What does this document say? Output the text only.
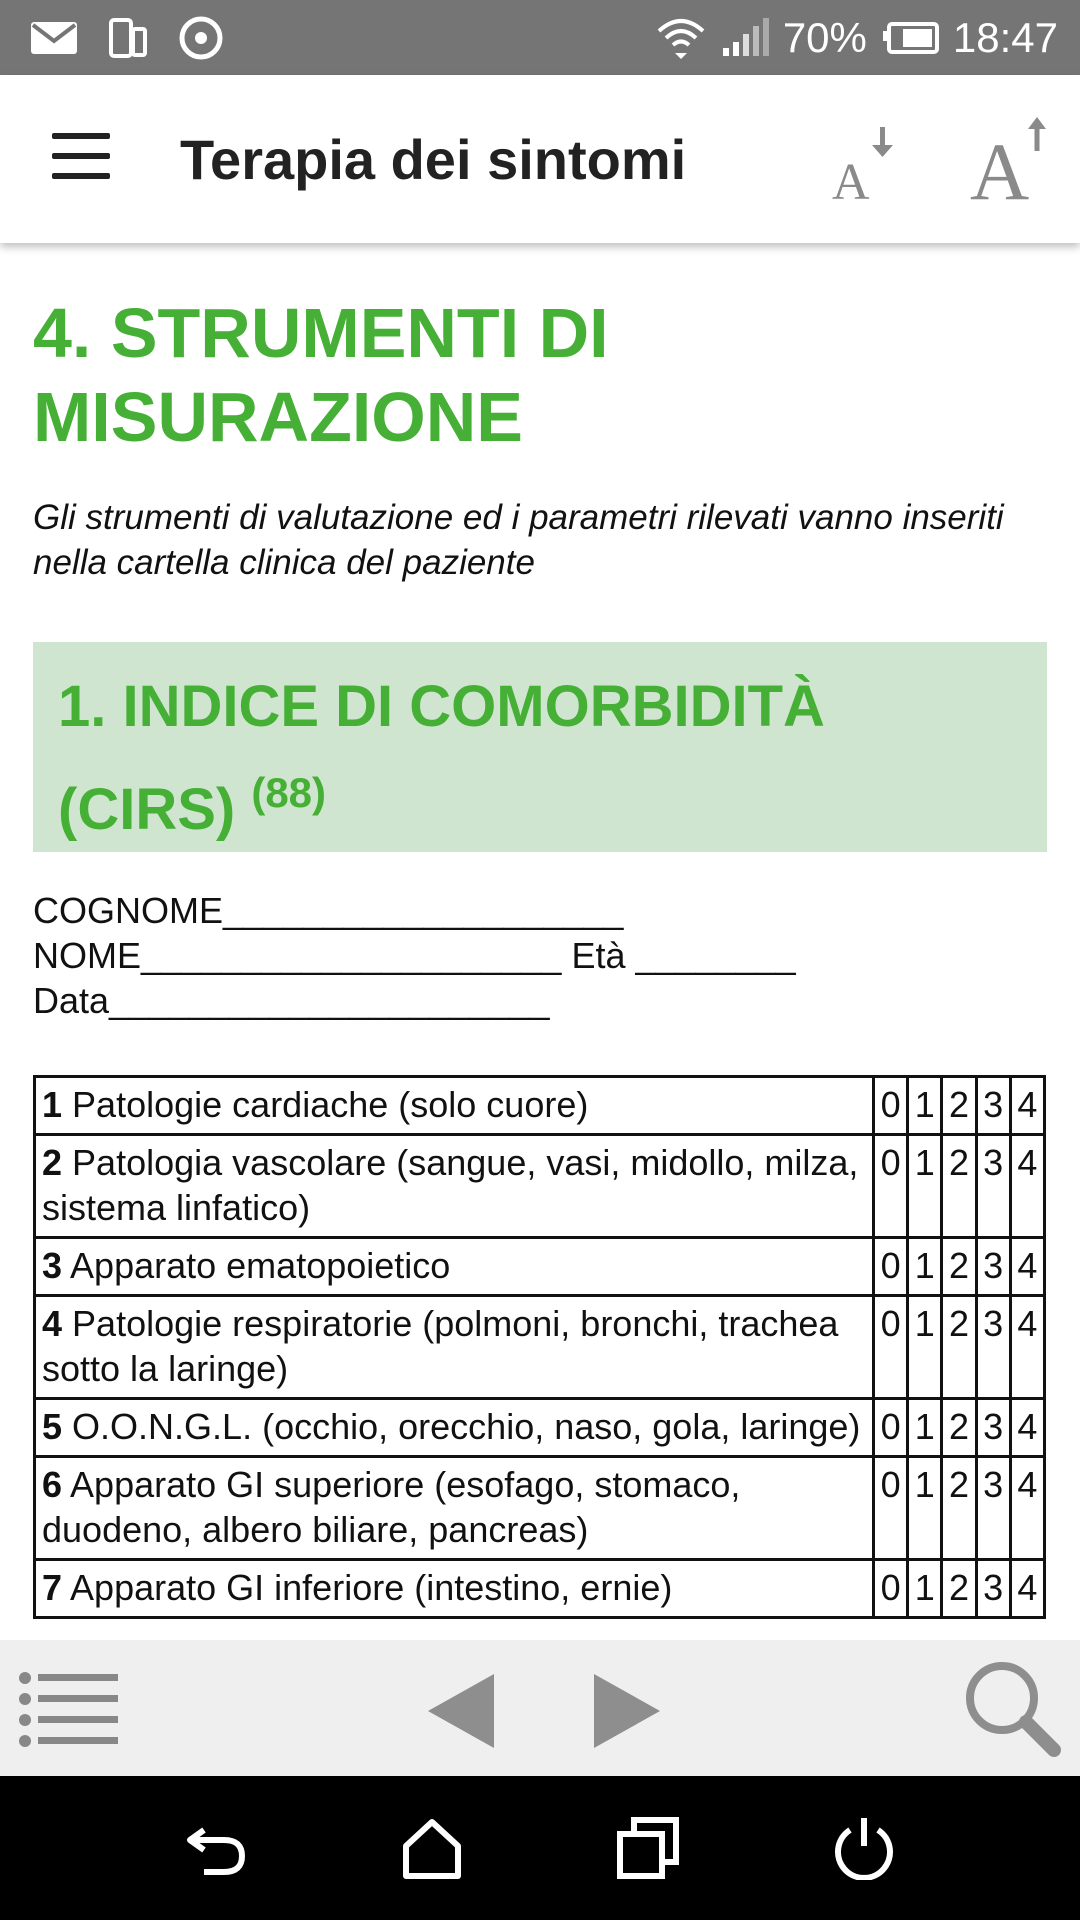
70% 18:47
Terapia dei sintomi	A A
4. STRUMENTI DI
MISURAZIONE

Gli strumenti di valutazione ed i parametri rilevati vanno inseriti nella cartella clinica del paziente

1. INDICE DI COMORBIDITÀ
(CIRS) $^{(88)}$
COGNOME____________________
NOME_____________________ Età ________
Data______________________
1 Patologie cardiache (solo cuore)	0	1	2	3	4
2 Patologia vascolare (sangue, vasi, midollo, milza, sistema linfatico)	0	1	2	3	4
3 Apparato ematopoietico	0	1	2	3	4
4 Patologie respiratorie (polmoni, bronchi, trachea sotto la laringe)	0	1	2	3	4
5 O.O.N.G.L. (occhio, orecchio, naso, gola, laringe)	0	1	2	3	4
6 Apparato GI superiore (esofago, stomaco, duodeno, albero biliare, pancreas)	0	1	2	3	4
7 Apparato GI inferiore (intestino, ernie)	0	1	2	3	4
